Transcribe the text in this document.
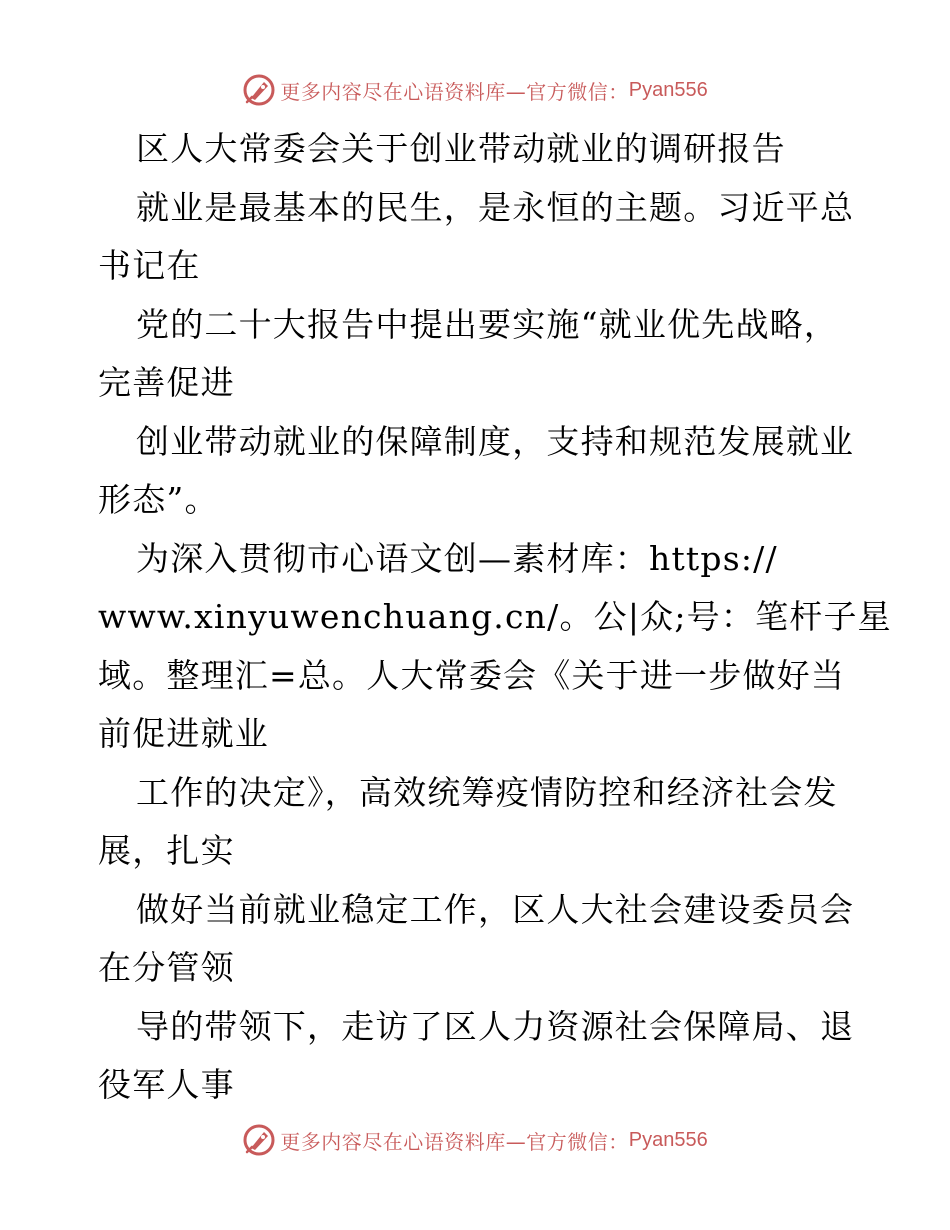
更多内容尽在心语资料库—官方微信： Pyan556
区人大常委会关于创业带动就业的调研报告
就业是最基本的民生，是永恒的主题。习近平总
书记在
党的二十大报告中提出要实施“就业优先战略，
完善促进
创业带动就业的保障制度，支持和规范发展就业
形态”。
为深入贯彻市心语文创—素材库：https://
www.xinyuwenchuang.cn/。公|众;号：笔杆子星
域。整理汇=总。人大常委会《关于进一步做好当
前促进就业
工作的决定》，高效统筹疫情防控和经济社会发
展，扎实
做好当前就业稳定工作，区人大社会建设委员会
在分管领
导的带领下，走访了区人力资源社会保障局、退
役军人事
更多内容尽在心语资料库—官方微信： Pyan556
